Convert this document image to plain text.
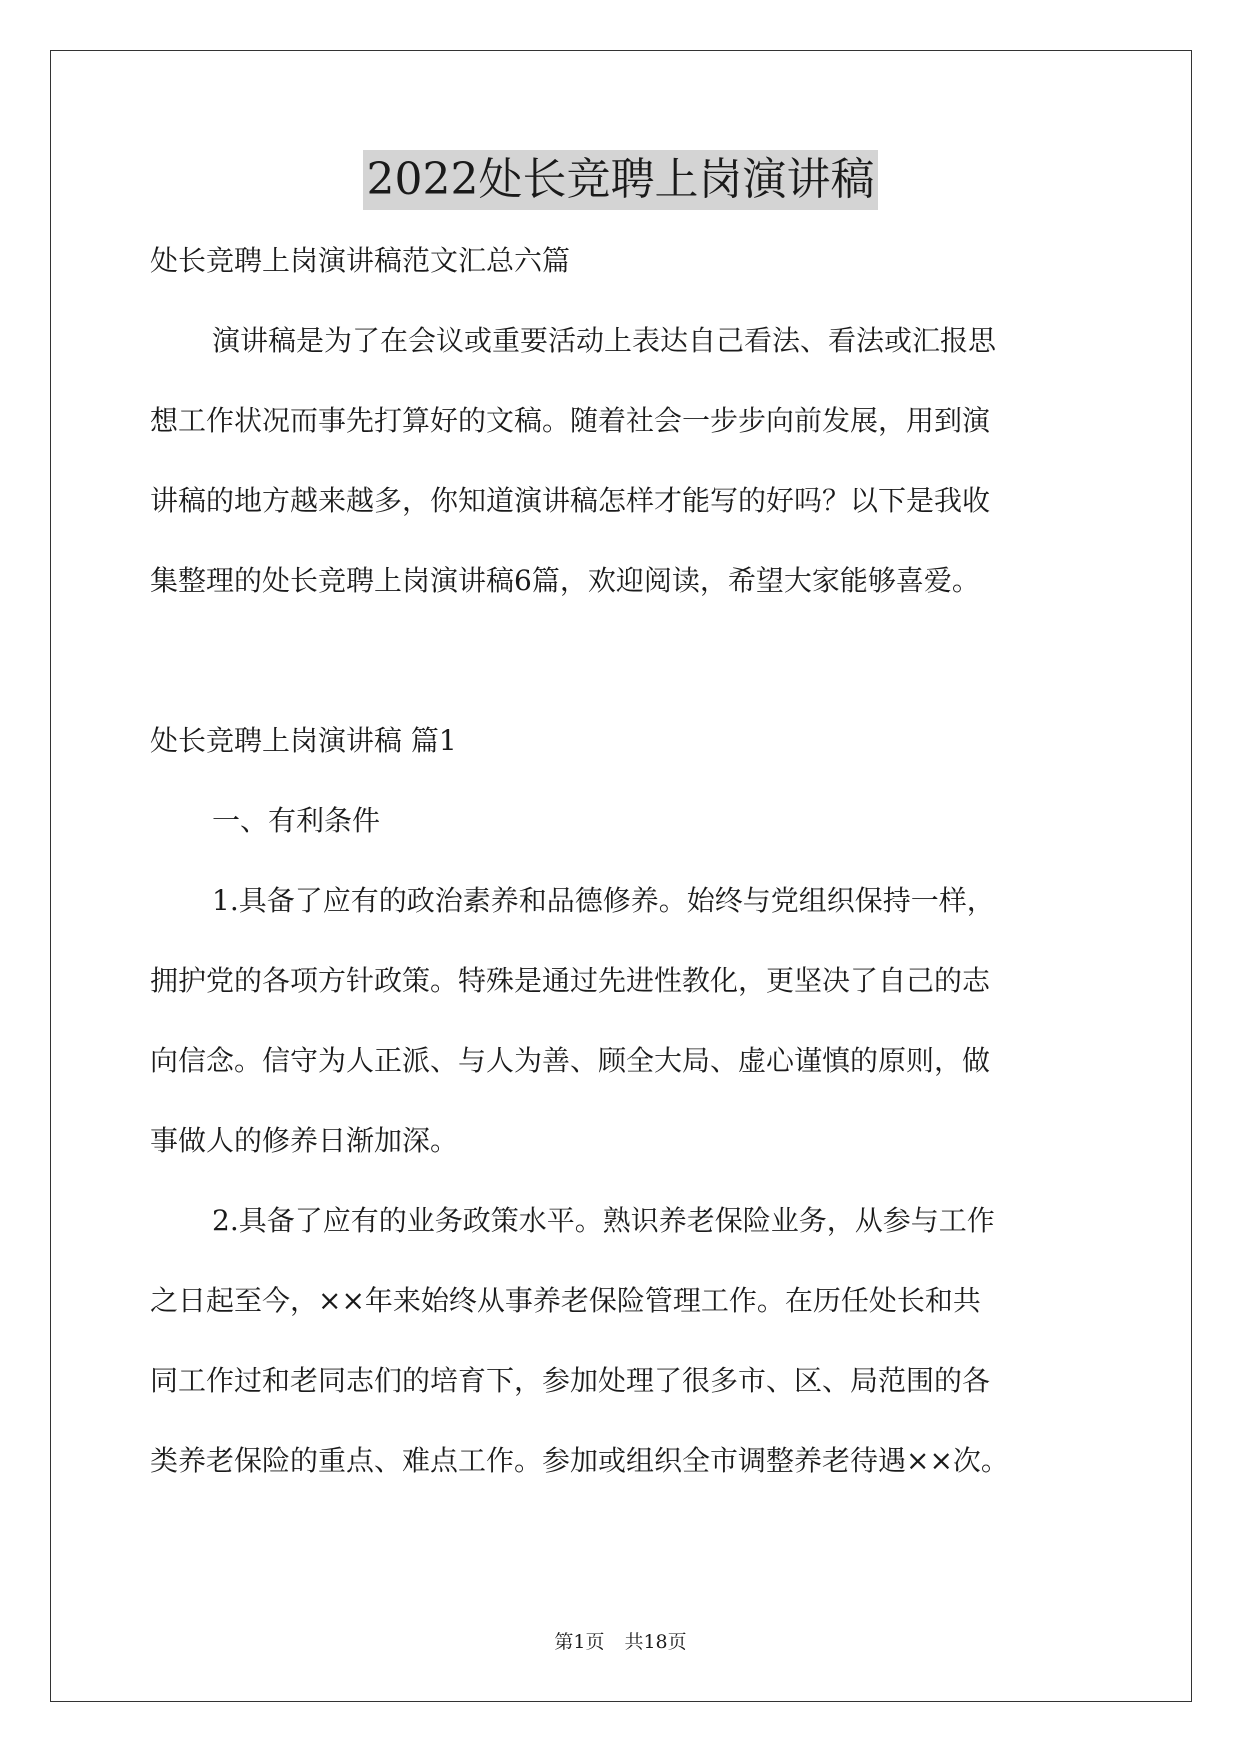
2022处长竞聘上岗演讲稿
处长竞聘上岗演讲稿范文汇总六篇
演讲稿是为了在会议或重要活动上表达自己看法、看法或汇报思
想工作状况而事先打算好的文稿。随着社会一步步向前发展，用到演
讲稿的地方越来越多，你知道演讲稿怎样才能写的好吗？以下是我收
集整理的处长竞聘上岗演讲稿6篇，欢迎阅读，希望大家能够喜爱。
处长竞聘上岗演讲稿 篇1
一、有利条件
1.具备了应有的政治素养和品德修养。始终与党组织保持一样，
拥护党的各项方针政策。特殊是通过先进性教化，更坚决了自己的志
向信念。信守为人正派、与人为善、顾全大局、虚心谨慎的原则，做
事做人的修养日渐加深。
2.具备了应有的业务政策水平。熟识养老保险业务，从参与工作
之日起至今，××年来始终从事养老保险管理工作。在历任处长和共
同工作过和老同志们的培育下，参加处理了很多市、区、局范围的各
类养老保险的重点、难点工作。参加或组织全市调整养老待遇××次。
第1页 共18页
